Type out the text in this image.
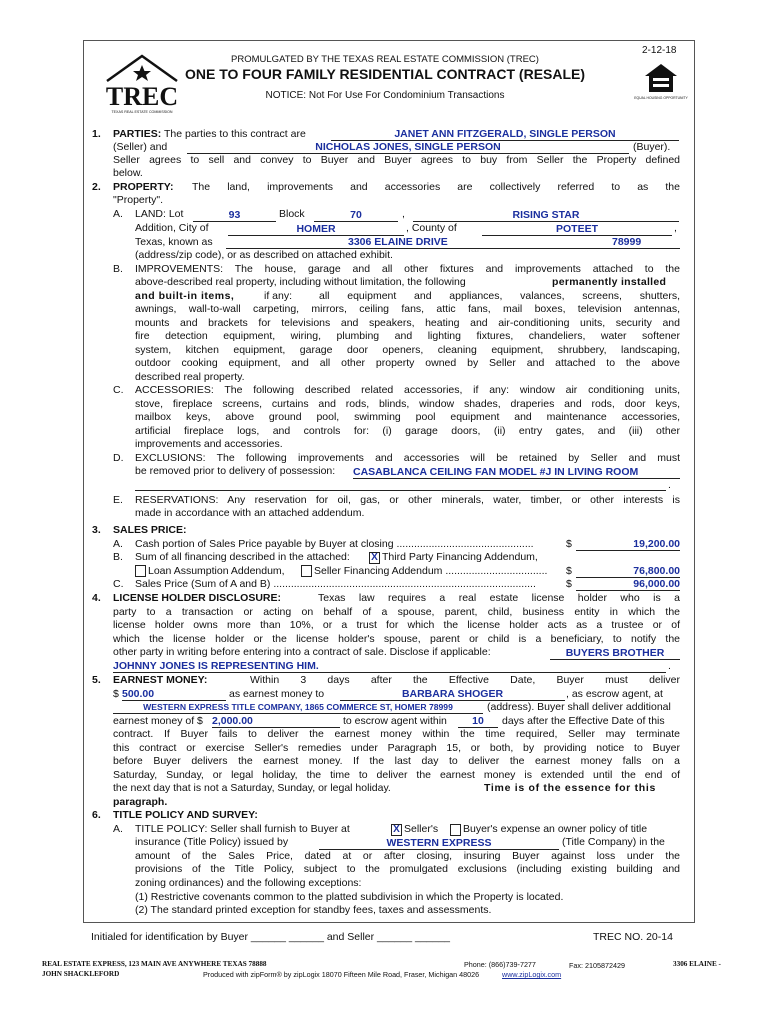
2-12-18
TREC
TEXAS REAL ESTATE COMMISSION
PROMULGATED BY THE TEXAS REAL ESTATE COMMISSION (TREC)
ONE TO FOUR FAMILY RESIDENTIAL CONTRACT (RESALE)
NOTICE: Not For Use For Condominium Transactions	EQUAL HOUSING OPPORTUNITY
1. PARTIES: The parties to this contract are	JANET ANN FITZGERALD, SINGLE PERSON
(Seller) and	NICHOLAS JONES, SINGLE PERSON	(Buyer).
Seller agrees to sell and convey to Buyer and Buyer agrees to buy from Seller the Property defined
below.
2. PROPERTY: The land, improvements and accessories are collectively referred to as the
"Property".
A. LAND: Lot	93	Block	70	,	RISING STAR
Addition, City of	HOMER	, County of	POTEET	,
Texas, known as	3306 ELAINE DRIVE	78999
(address/zip code), or as described on attached exhibit.
B. IMPROVEMENTS: The house, garage and all other fixtures and improvements attached to the
above-described real property, including without limitation, the following	permanently installed
and built-in items,	if any:	all equipment and appliances, valances, screens, shutters,
awnings, wall-to-wall carpeting, mirrors, ceiling fans, attic fans, mail boxes, television antennas,
mounts and brackets for televisions and speakers, heating and air-conditioning units, security and
fire detection equipment, wiring, plumbing and lighting fixtures, chandeliers, water softener
system, kitchen equipment, garage door openers, cleaning equipment, shrubbery, landscaping,
outdoor cooking equipment, and all other property owned by Seller and attached to the above
described real property.
C. ACCESSORIES: The following described related accessories, if any: window air conditioning units,
stove, fireplace screens, curtains and rods, blinds, window shades, draperies and rods, door keys,
mailbox keys, above ground pool, swimming pool equipment and maintenance accessories,
artificial fireplace logs, and controls for: (i) garage doors, (ii) entry gates, and (iii) other
improvements and accessories.
D. EXCLUSIONS: The following improvements and accessories will be retained by Seller and must
be removed prior to delivery of possession: CASABLANCA CEILING FAN MODEL #J IN LIVING ROOM
.
E. RESERVATIONS: Any reservation for oil, gas, or other minerals, water, timber, or other interests is
made in accordance with an attached addendum.
3. SALES PRICE:
A. Cash portion of Sales Price payable by Buyer at closing ...............................................	$	19,200.00
B. Sum of all financing described in the attached: X Third Party Financing Addendum,
Loan Assumption Addendum,	Seller Financing Addendum ................................... $	76,800.00
C. Sales Price (Sum of A and B) ..........................................................................................	$	96,000.00
4. LICENSE HOLDER DISCLOSURE:	Texas law requires a real estate license holder who is a
party to a transaction or acting on behalf of a spouse, parent, child, business entity in which the
license holder owns more than 10%, or a trust for which the license holder acts as a trustee or of
which the license holder or the license holder's spouse, parent or child is a beneficiary, to notify the
other party in writing before entering into a contract of sale. Disclose if applicable:	BUYERS BROTHER
JOHNNY JONES IS REPRESENTING HIM.	.
5. EARNEST MONEY:	Within 3 days after the Effective Date, Buyer must deliver
$ 500.00	as earnest money to	BARBARA SHOGER	, as escrow agent, at
WESTERN EXPRESS TITLE COMPANY, 1865 COMMERCE ST, HOMER 78999	(address). Buyer shall deliver additional
earnest money of $ 2,000.00	to escrow agent within	10	days after the Effective Date of this
contract. If Buyer fails to deliver the earnest money within the time required, Seller may terminate
this contract or exercise Seller's remedies under Paragraph 15, or both, by providing notice to Buyer
before Buyer delivers the earnest money. If the last day to deliver the earnest money falls on a
Saturday, Sunday, or legal holiday, the time to deliver the earnest money is extended until the end of
the next day that is not a Saturday, Sunday, or legal holiday.	Time is of the essence for this
paragraph.
6. TITLE POLICY AND SURVEY:
A. TITLE POLICY: Seller shall furnish to Buyer at	X Seller's Buyer's expense an owner policy of title
insurance (Title Policy) issued by	WESTERN EXPRESS	(Title Company) in the
amount of the Sales Price, dated at or after closing, insuring Buyer against loss under the
provisions of the Title Policy, subject to the promulgated exclusions (including existing building and
zoning ordinances) and the following exceptions:
(1) Restrictive covenants common to the platted subdivision in which the Property is located.
(2) The standard printed exception for standby fees, taxes and assessments.
Initialed for identification by Buyer ______ ______ and Seller ______ ______	TREC NO. 20-14
REAL ESTATE EXPRESS, 123 MAIN AVE ANYWHERE TEXAS 78888
JOHN SHACKLEFORD
Phone: (866)739-7277	Fax: 2105872429	3306 ELAINE -
Produced with zipForm® by zipLogix 18070 Fifteen Mile Road, Fraser, Michigan 48026	www.zipLogix.com
